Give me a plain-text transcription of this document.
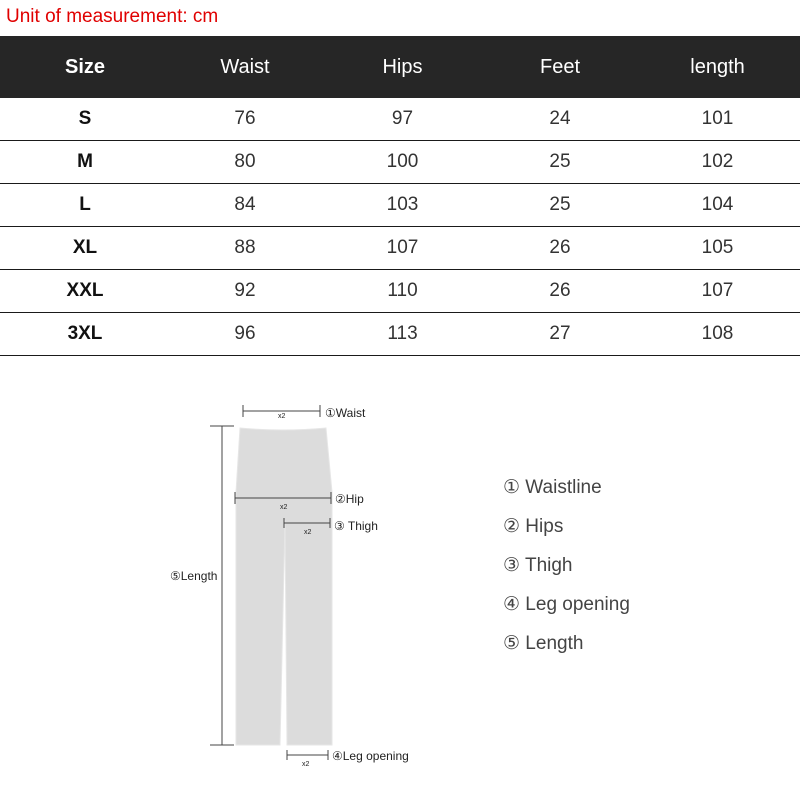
Unit of measurement: cm
Size	Waist	Hips	Feet	length
S	76	97	24	101
M	80	100	25	102
L	84	103	25	104
XL	88	107	26	105
XXL	92	110	26	107
3XL	96	113	27	108
x2	①Waist
x2
②Hip
x2 ③ Thigh
⑤Length
x2
④Leg opening
① Waistline
② Hips
③ Thigh
④ Leg opening
⑤ Length
